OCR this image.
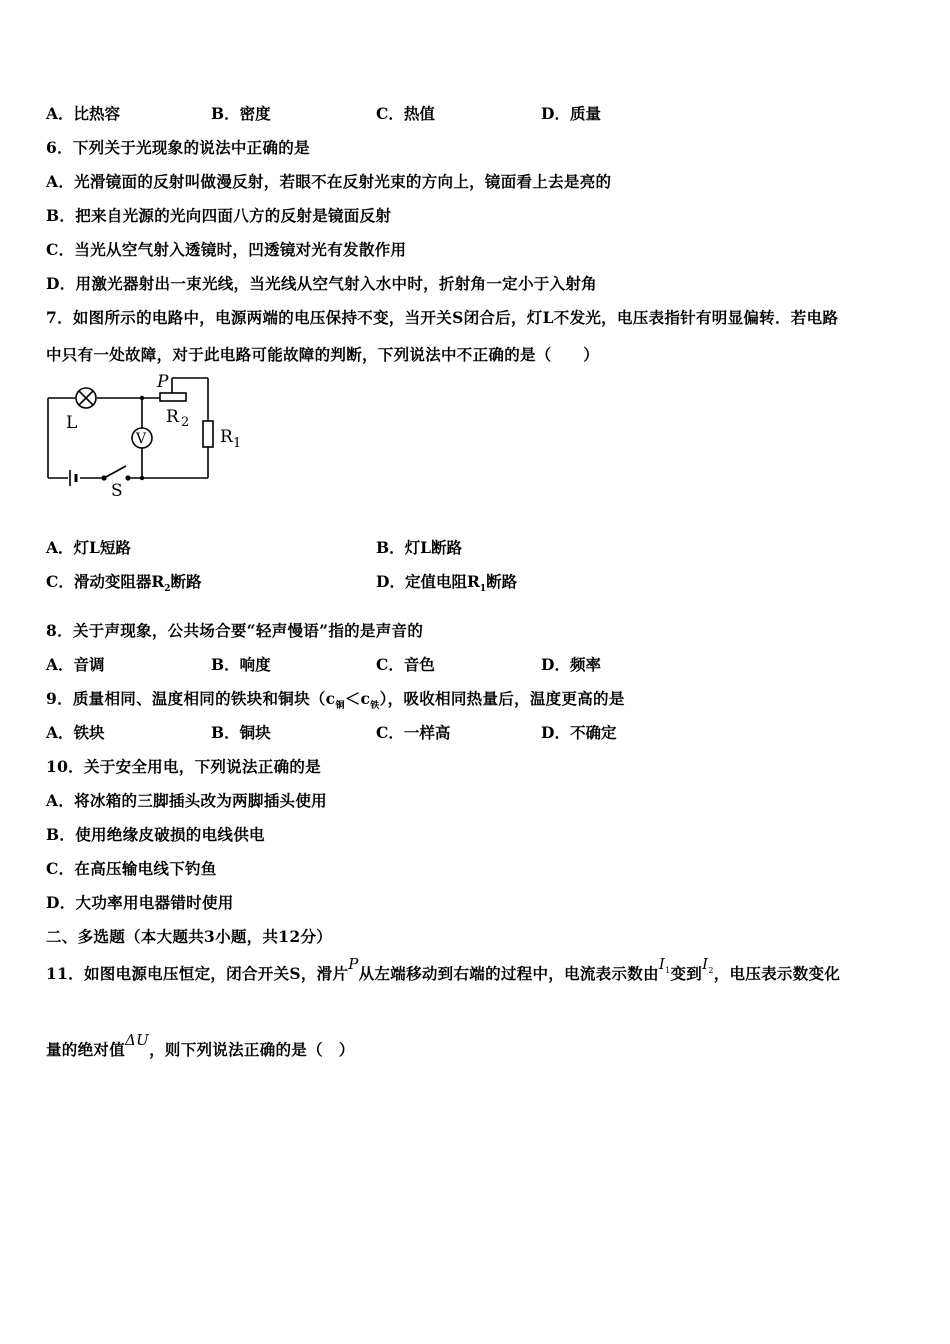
A．比热容	B．密度	C．热值	D．质量
6．下列关于光现象的说法中正确的是
A．光滑镜面的反射叫做漫反射，若眼不在反射光束的方向上，镜面看上去是亮的
B．把来自光源的光向四面八方的反射是镜面反射
C．当光从空气射入透镜时，凹透镜对光有发散作用
D．用激光器射出一束光线，当光线从空气射入水中时，折射角一定小于入射角
7．如图所示的电路中，电源两端的电压保持不变，当开关S闭合后，灯L不发光，电压表指针有明显偏转．若电路
中只有一处故障，对于此电路可能故障的判断，下列说法中不正确的是（　　）
L
P
R 2
R 1
V
S
A．灯L短路	B．灯L断路
C．滑动变阻器$R_2$断路	D．定值电阻$R_1$断路
8．关于声现象，公共场合要“轻声慢语”指的是声音的
A．音调	B．响度	C．音色	D．频率
9．质量相同、温度相同的铁块和铜块$(c_铜<c_铁)$，吸收相同热量后，温度更高的是
A．铁块	B．铜块	C．一样高	D．不确定
10．关于安全用电，下列说法正确的是
A．将冰箱的三脚插头改为两脚插头使用
B．使用绝缘皮破损的电线供电
C．在高压输电线下钓鱼
D．大功率用电器错时使用
二、多选题（本大题共3小题，共12分）
11．如图电源电压恒定，闭合开关S，滑片P从左端移动到右端的过程中，电流表示数由$I_1$变到$I_2$，电压表示数变化
量的绝对值ΔU，则下列说法正确的是（　）
